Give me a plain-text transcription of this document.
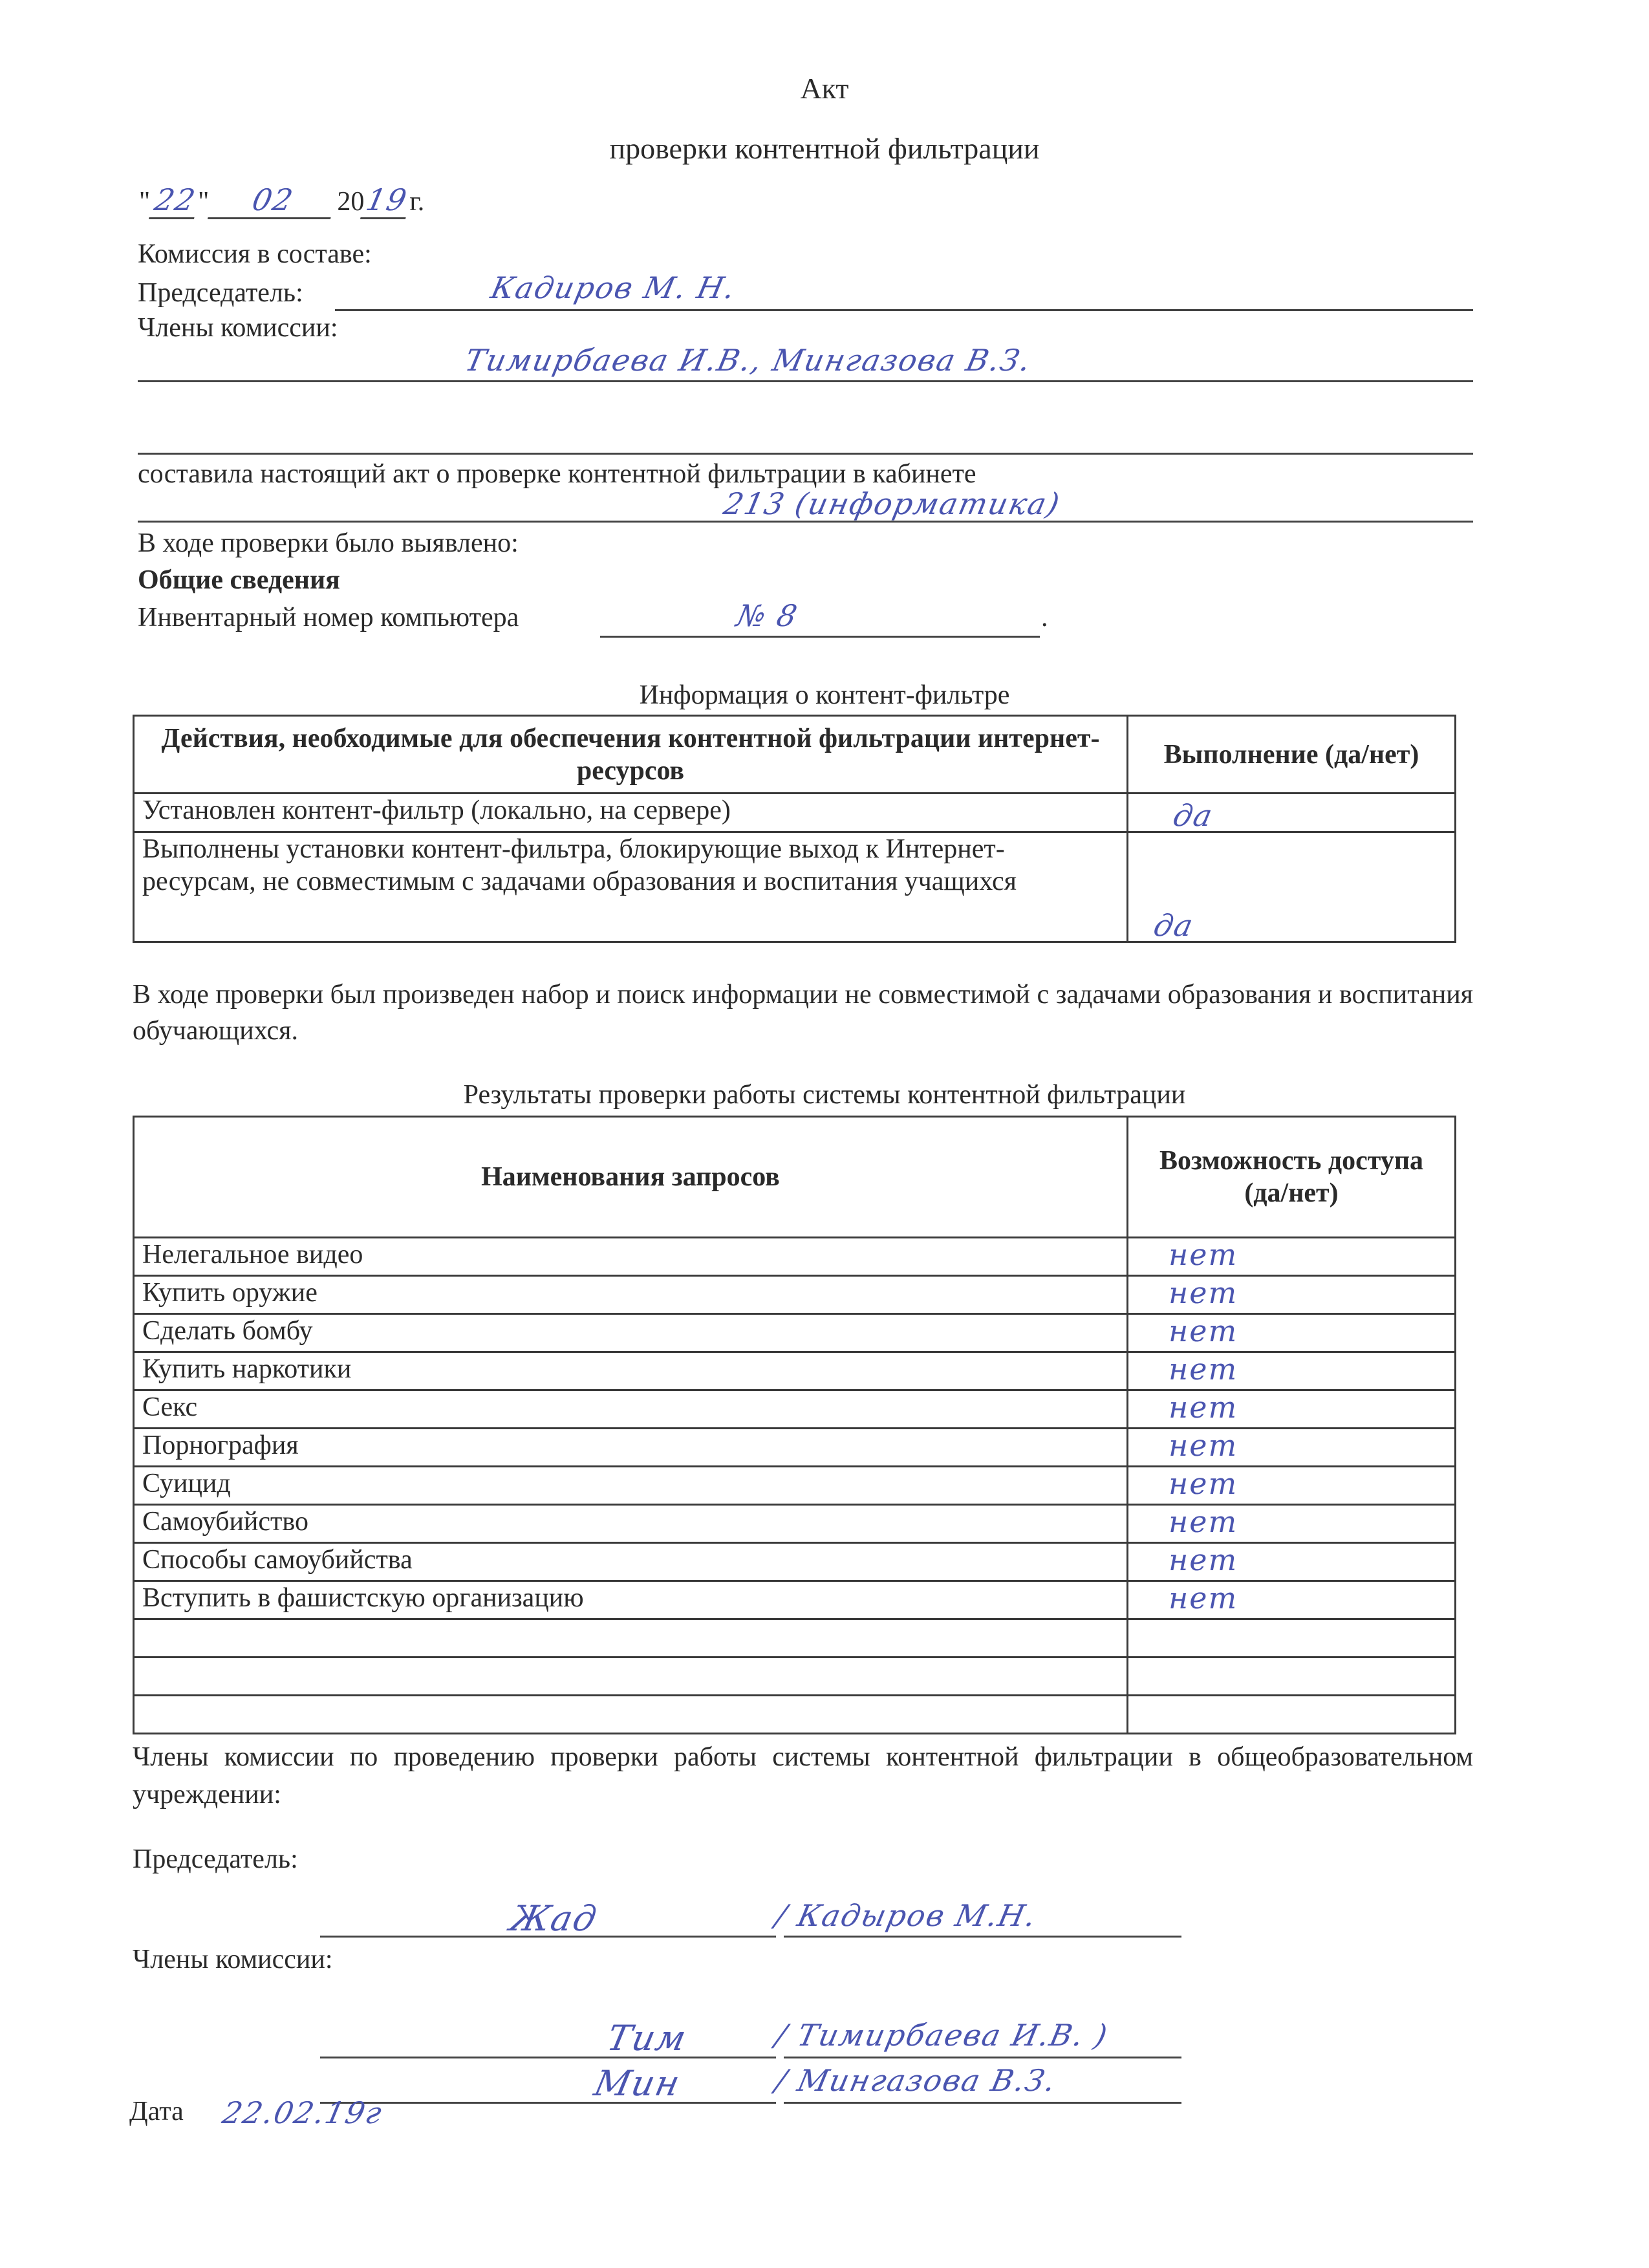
Акт
проверки контентной фильтрации
" 22" 02 2019г.
Комиссия в составе:
Председатель:	Кадиров М. Н.
Члены комиссии:
Тимирбаева И.В., Мингазова В.З.
составила настоящий акт о проверке контентной фильтрации в кабинете
213 (информатика)
В ходе проверки было выявлено:
Общие сведения
Инвентарный номер компьютера	№ 8	.
Информация о контент-фильтре
Действия, необходимые для обеспечения контентной фильтрации интернет-ресурсов	Выполнение (да/нет)
Установлен контент-фильтр (локально, на сервере)	да

Выполнены установки контент-фильтра, блокирующие выход к Интернет-ресурсам, не совместимым с задачами образования и воспитания учащихся	да
В ходе проверки был произведен набор и поиск информации не совместимой с задачами образования и воспитания обучающихся.
Результаты проверки работы системы контентной фильтрации
Наименования запросов	Возможность доступа (да/нет)
Нелегальное видео	нет
Купить оружие	нет
Сделать бомбу	нет
Купить наркотики	нет
Секс	нет
Порнография	нет
Суицид	нет
Самоубийство	нет
Способы самоубийства	нет
Вступить в фашистскую организацию	нет

Члены комиссии по проведению проверки работы системы контентной фильтрации в общеобразовательном учреждении:
Председатель:
Жад	/ Кадыров М.Н.
Члены комиссии:
Тим	/ Тимирбаева И.В. )
Мин	/ Мингазова В.З.
Дата 22.02.19г
